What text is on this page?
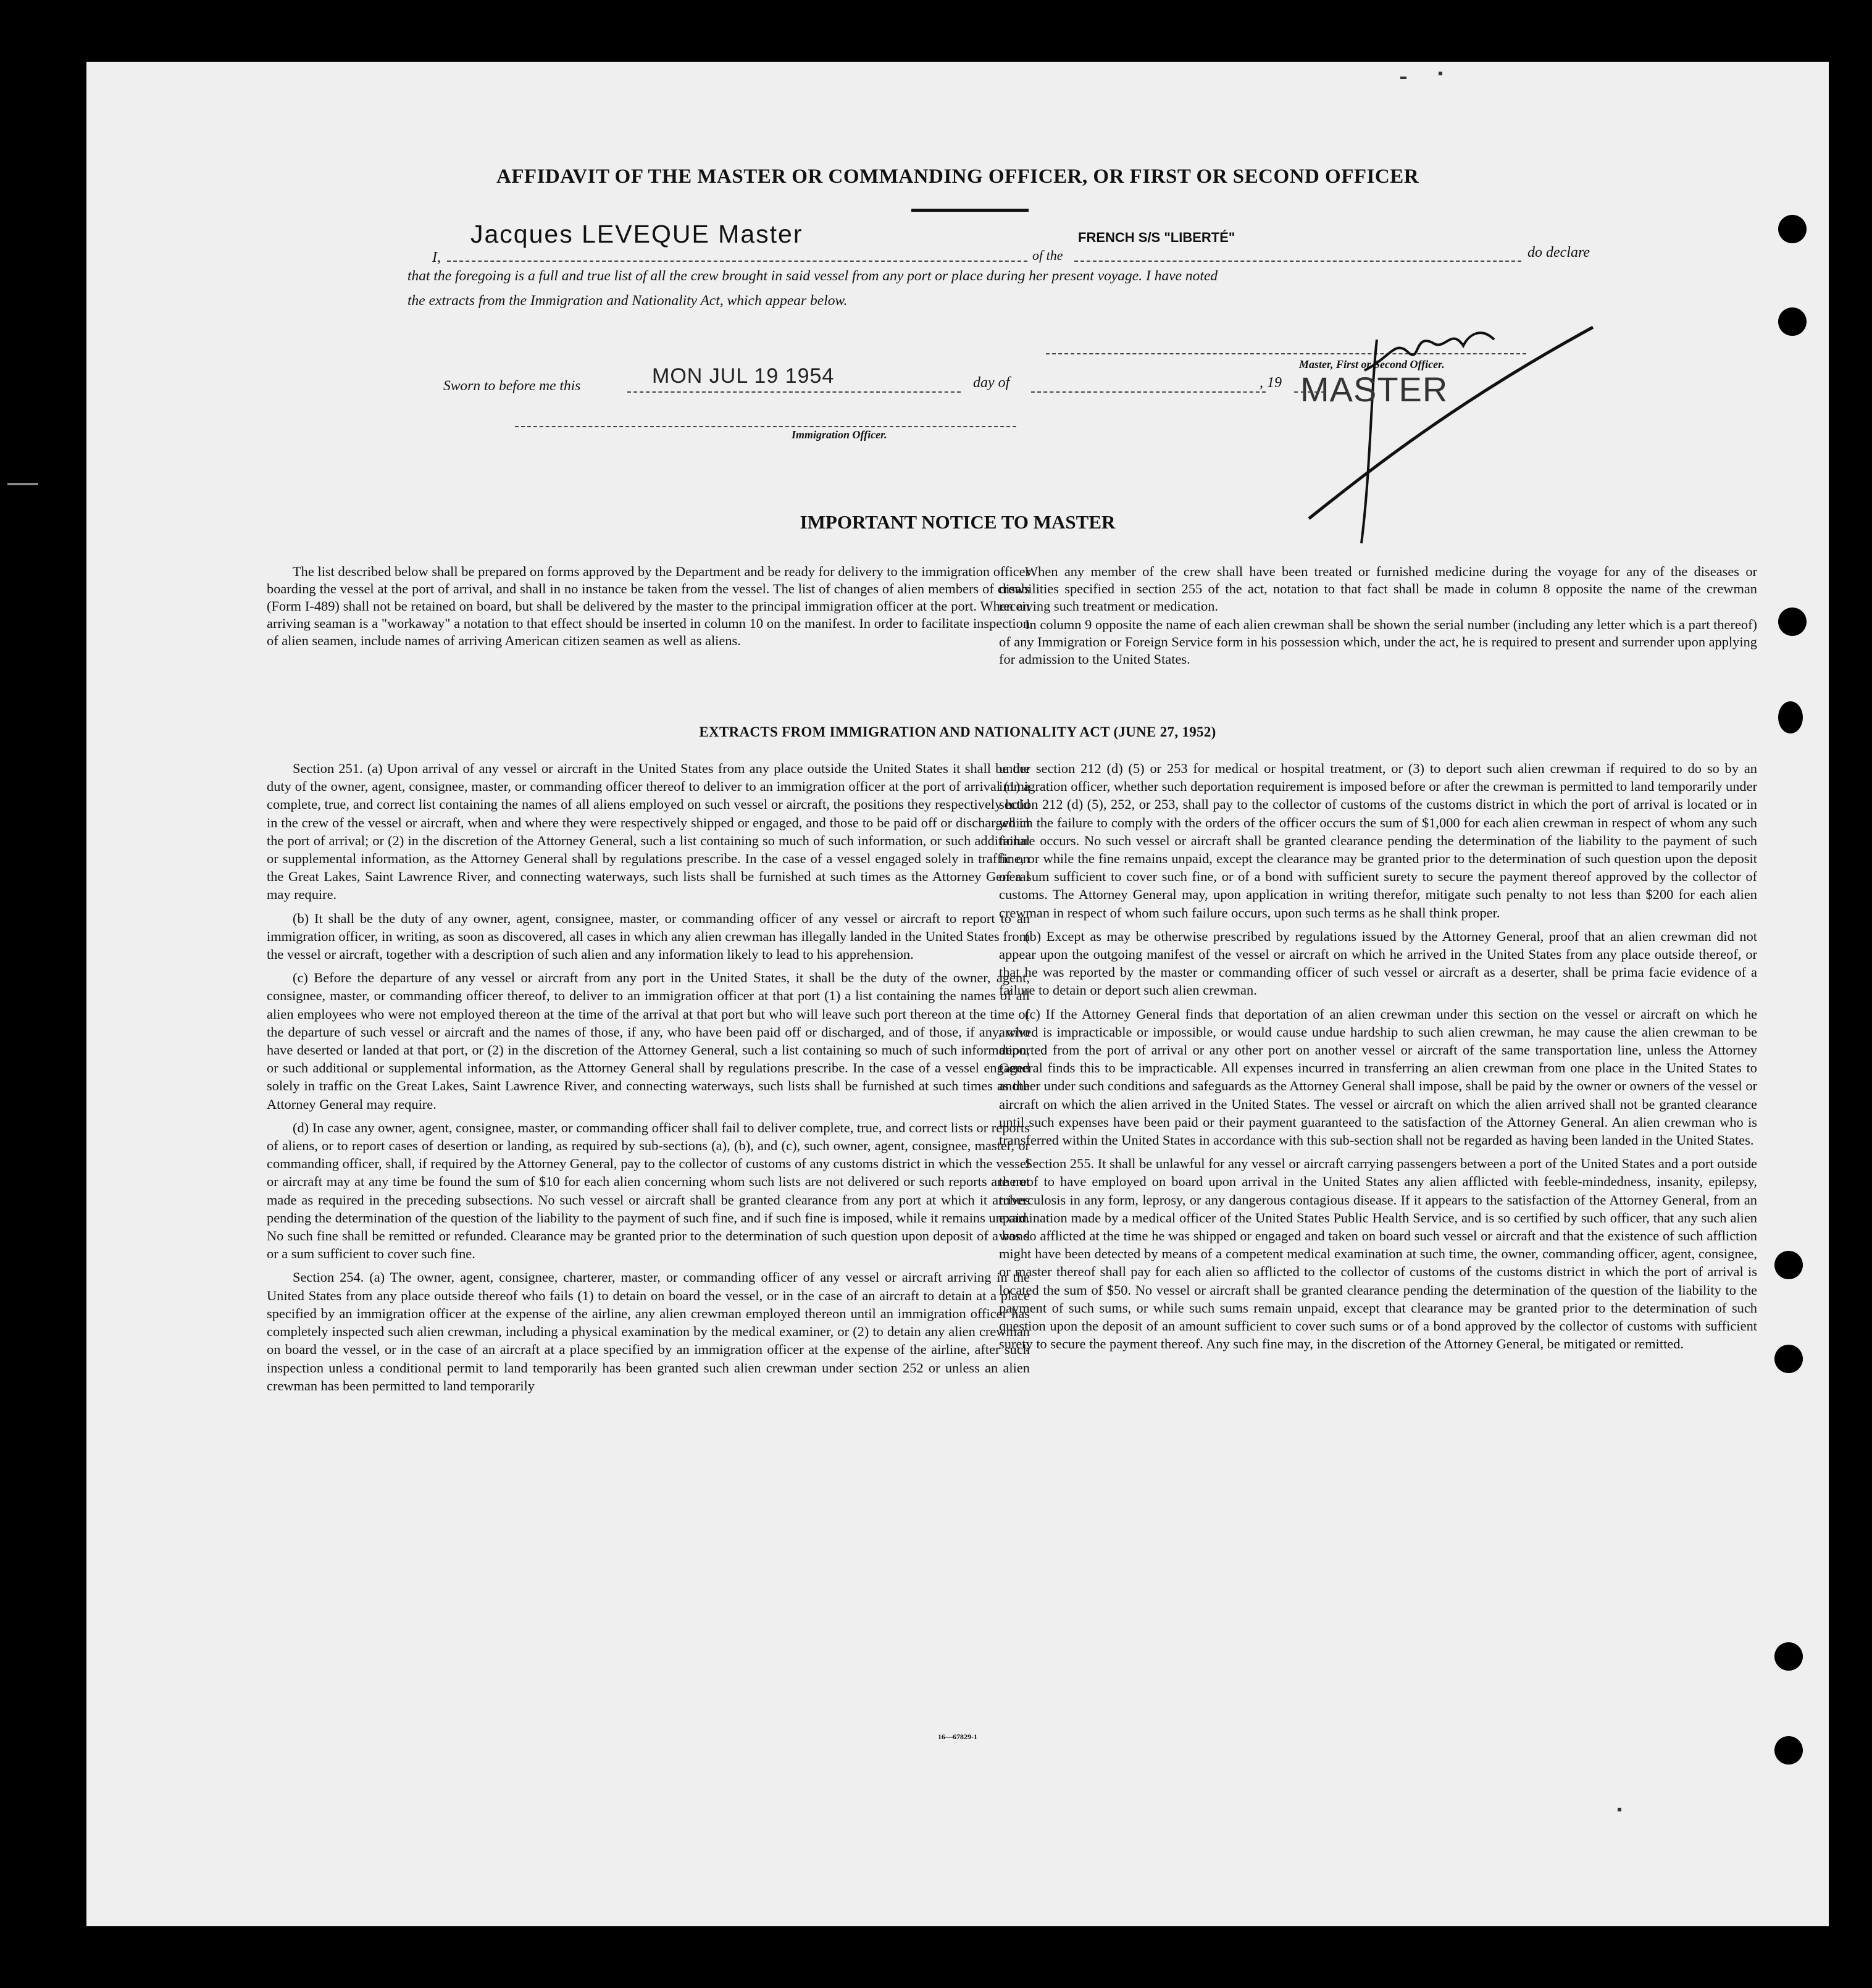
AFFIDAVIT OF THE MASTER OR COMMANDING OFFICER, OR FIRST OR SECOND OFFICER
I,
Jacques LEVEQUE Master
of the
FRENCH S/S "LIBERTÉ"
do declare
that the foregoing is a full and true list of all the crew brought in said vessel from any port or place during her present voyage. I have noted
the extracts from the Immigration and Nationality Act, which appear below.
Master, First or Second Officer.
MASTER
Sworn to before me this	MON JUL 19 1954	day of	, 19
Immigration Officer.
IMPORTANT NOTICE TO MASTER

The list described below shall be prepared on forms approved by the Department and be ready for delivery to the immigration officer boarding the vessel at the port of arrival, and shall in no instance be taken from the vessel. The list of changes of alien members of crews (Form I-489) shall not be retained on board, but shall be delivered by the master to the principal immigration officer at the port. When an arriving seaman is a "workaway" a notation to that effect should be inserted in column 10 on the manifest. In order to facilitate inspection of alien seamen, include names of arriving American citizen seamen as well as aliens.

When any member of the crew shall have been treated or furnished medicine during the voyage for any of the diseases or disabilities specified in section 255 of the act, notation to that fact shall be made in column 8 opposite the name of the crewman receiving such treatment or medication.

In column 9 opposite the name of each alien crewman shall be shown the serial number (including any letter which is a part thereof) of any Immigration or Foreign Service form in his possession which, under the act, he is required to present and surrender upon applying for admission to the United States.

EXTRACTS FROM IMMIGRATION AND NATIONALITY ACT (JUNE 27, 1952)

Section 251. (a) Upon arrival of any vessel or aircraft in the United States from any place outside the United States it shall be the duty of the owner, agent, consignee, master, or commanding officer thereof to deliver to an immigration officer at the port of arrival (1) a complete, true, and correct list containing the names of all aliens employed on such vessel or aircraft, the positions they respectively hold in the crew of the vessel or aircraft, when and where they were respectively shipped or engaged, and those to be paid off or discharged in the port of arrival; or (2) in the discretion of the Attorney General, such a list containing so much of such information, or such additional or supplemental information, as the Attorney General shall by regulations prescribe. In the case of a vessel engaged solely in traffic on the Great Lakes, Saint Lawrence River, and connecting waterways, such lists shall be furnished at such times as the Attorney General may require.

(b) It shall be the duty of any owner, agent, consignee, master, or commanding officer of any vessel or aircraft to report to an immigration officer, in writing, as soon as discovered, all cases in which any alien crewman has illegally landed in the United States from the vessel or aircraft, together with a description of such alien and any information likely to lead to his apprehension.

(c) Before the departure of any vessel or aircraft from any port in the United States, it shall be the duty of the owner, agent, consignee, master, or commanding officer thereof, to deliver to an immigration officer at that port (1) a list containing the names of all alien employees who were not employed thereon at the time of the arrival at that port but who will leave such port thereon at the time of the departure of such vessel or aircraft and the names of those, if any, who have been paid off or discharged, and of those, if any, who have deserted or landed at that port, or (2) in the discretion of the Attorney General, such a list containing so much of such information, or such additional or supplemental information, as the Attorney General shall by regulations prescribe. In the case of a vessel engaged solely in traffic on the Great Lakes, Saint Lawrence River, and connecting waterways, such lists shall be furnished at such times as the Attorney General may require.

(d) In case any owner, agent, consignee, master, or commanding officer shall fail to deliver complete, true, and correct lists or reports of aliens, or to report cases of desertion or landing, as required by sub-sections (a), (b), and (c), such owner, agent, consignee, master, or commanding officer, shall, if required by the Attorney General, pay to the collector of customs of any customs district in which the vessel or aircraft may at any time be found the sum of $10 for each alien concerning whom such lists are not delivered or such reports are not made as required in the preceding subsections. No such vessel or aircraft shall be granted clearance from any port at which it arrives pending the determination of the question of the liability to the payment of such fine, and if such fine is imposed, while it remains unpaid. No such fine shall be remitted or refunded. Clearance may be granted prior to the determination of such question upon deposit of a bond or a sum sufficient to cover such fine.

Section 254. (a) The owner, agent, consignee, charterer, master, or commanding officer of any vessel or aircraft arriving in the United States from any place outside thereof who fails (1) to detain on board the vessel, or in the case of an aircraft to detain at a place specified by an immigration officer at the expense of the airline, any alien crewman employed thereon until an immigration officer has completely inspected such alien crewman, including a physical examination by the medical examiner, or (2) to detain any alien crewman on board the vessel, or in the case of an aircraft at a place specified by an immigration officer at the expense of the airline, after such inspection unless a conditional permit to land temporarily has been granted such alien crewman under section 252 or unless an alien crewman has been permitted to land temporarily

under section 212 (d) (5) or 253 for medical or hospital treatment, or (3) to deport such alien crewman if required to do so by an immigration officer, whether such deportation requirement is imposed before or after the crewman is permitted to land temporarily under section 212 (d) (5), 252, or 253, shall pay to the collector of customs of the customs district in which the port of arrival is located or in which the failure to comply with the orders of the officer occurs the sum of $1,000 for each alien crewman in respect of whom any such failure occurs. No such vessel or aircraft shall be granted clearance pending the determination of the liability to the payment of such fine, or while the fine remains unpaid, except the clearance may be granted prior to the determination of such question upon the deposit of a sum sufficient to cover such fine, or of a bond with sufficient surety to secure the payment thereof approved by the collector of customs. The Attorney General may, upon application in writing therefor, mitigate such penalty to not less than $200 for each alien crewman in respect of whom such failure occurs, upon such terms as he shall think proper.

(b) Except as may be otherwise prescribed by regulations issued by the Attorney General, proof that an alien crewman did not appear upon the outgoing manifest of the vessel or aircraft on which he arrived in the United States from any place outside thereof, or that he was reported by the master or commanding officer of such vessel or aircraft as a deserter, shall be prima facie evidence of a failure to detain or deport such alien crewman.

(c) If the Attorney General finds that deportation of an alien crewman under this section on the vessel or aircraft on which he arrived is impracticable or impossible, or would cause undue hardship to such alien crewman, he may cause the alien crewman to be deported from the port of arrival or any other port on another vessel or aircraft of the same transportation line, unless the Attorney General finds this to be impracticable. All expenses incurred in transferring an alien crewman from one place in the United States to another under such conditions and safeguards as the Attorney General shall impose, shall be paid by the owner or owners of the vessel or aircraft on which the alien arrived in the United States. The vessel or aircraft on which the alien arrived shall not be granted clearance until such expenses have been paid or their payment guaranteed to the satisfaction of the Attorney General. An alien crewman who is transferred within the United States in accordance with this sub-section shall not be regarded as having been landed in the United States.

Section 255. It shall be unlawful for any vessel or aircraft carrying passengers between a port of the United States and a port outside thereof to have employed on board upon arrival in the United States any alien afflicted with feeble-mindedness, insanity, epilepsy, tuberculosis in any form, leprosy, or any dangerous contagious disease. If it appears to the satisfaction of the Attorney General, from an examination made by a medical officer of the United States Public Health Service, and is so certified by such officer, that any such alien was so afflicted at the time he was shipped or engaged and taken on board such vessel or aircraft and that the existence of such affliction might have been detected by means of a competent medical examination at such time, the owner, commanding officer, agent, consignee, or master thereof shall pay for each alien so afflicted to the collector of customs of the customs district in which the port of arrival is located the sum of $50. No vessel or aircraft shall be granted clearance pending the determination of the question of the liability to the payment of such sums, or while such sums remain unpaid, except that clearance may be granted prior to the determination of such question upon the deposit of an amount sufficient to cover such sums or of a bond approved by the collector of customs with sufficient surety to secure the payment thereof. Any such fine may, in the discretion of the Attorney General, be mitigated or remitted.

16—67829-1
